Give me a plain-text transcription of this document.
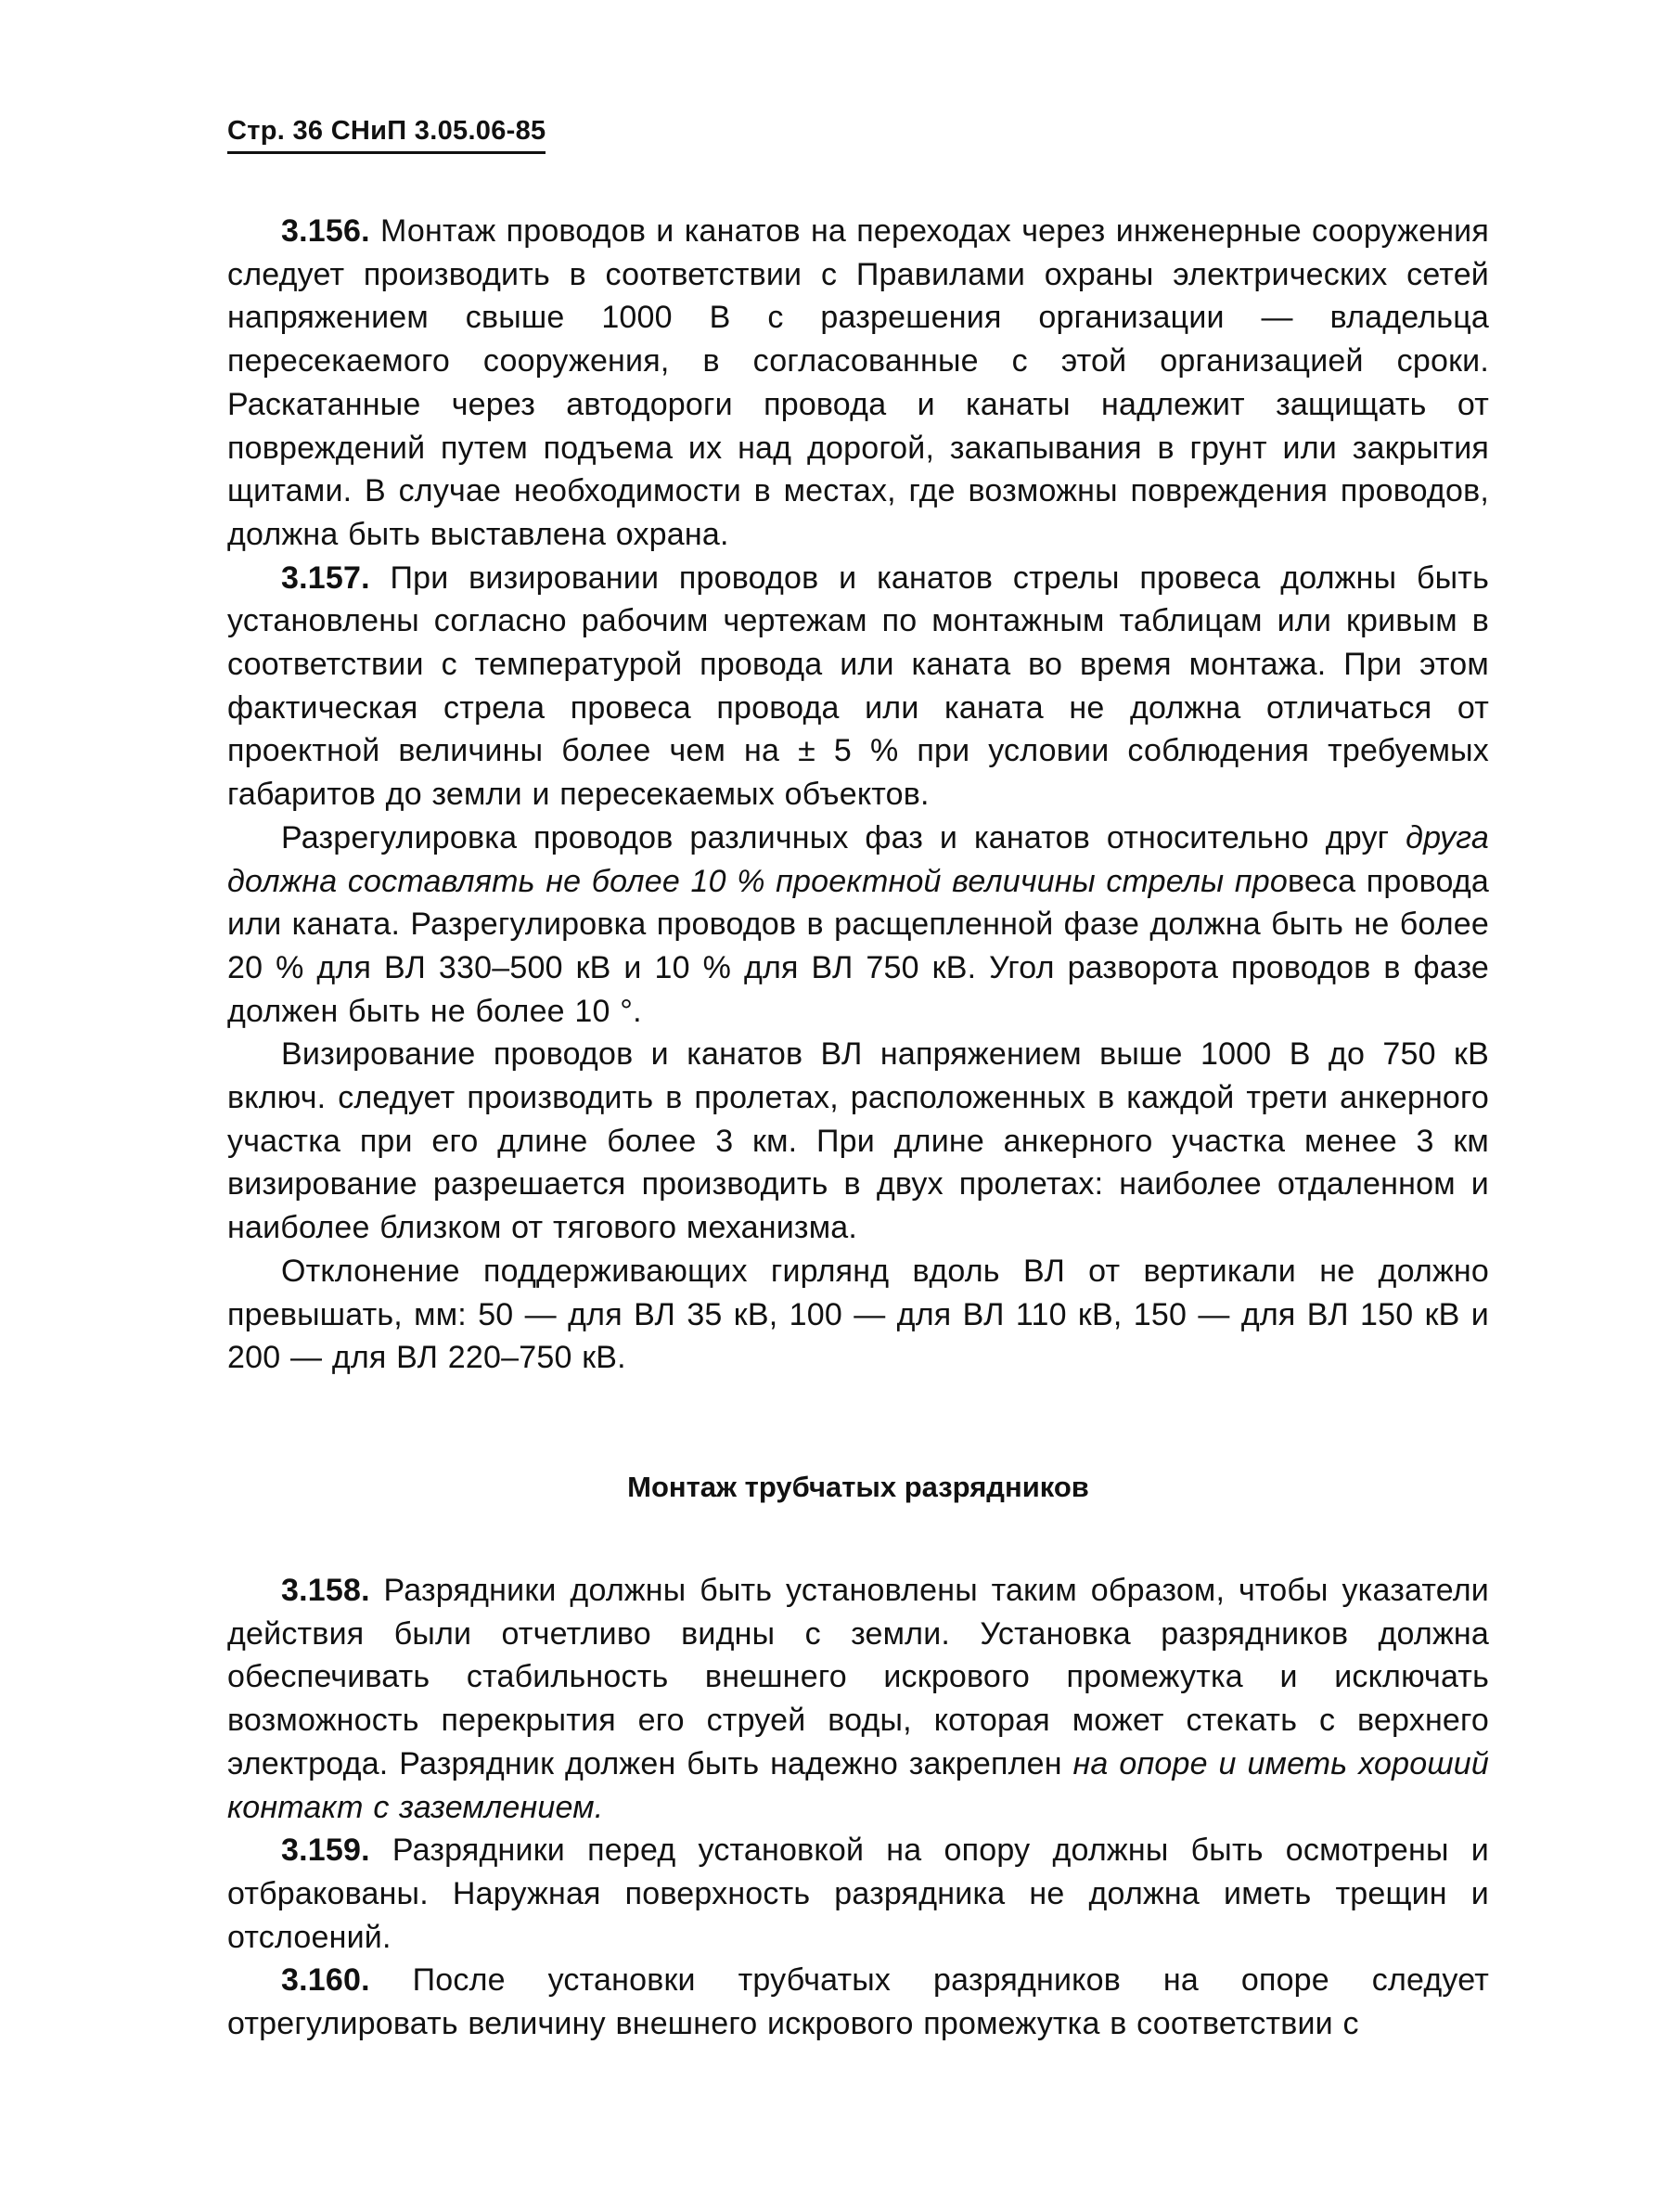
Стр. 36 СНиП 3.05.06-85

3.156. Монтаж проводов и канатов на переходах через инженерные сооружения следует производить в соответствии с Правилами охраны электрических сетей напряжением свыше 1000 В с разрешения организации — владельца пересекаемого сооружения, в согласованные с этой организацией сроки. Раскатанные через автодороги провода и канаты надлежит защищать от повреждений путем подъема их над дорогой, закапывания в грунт или закрытия щитами. В случае необходимости в местах, где возможны повреждения проводов, должна быть выставлена охрана.

3.157. При визировании проводов и канатов стрелы провеса должны быть установлены согласно рабочим чертежам по монтажным таблицам или кривым в соответствии с температурой провода или каната во время монтажа. При этом фактическая стрела провеса провода или каната не должна отличаться от проектной величины более чем на ± 5 % при условии соблюдения требуемых габаритов до земли и пересекаемых объектов.

Разрегулировка проводов различных фаз и канатов относительно друг друга должна составлять не более 10 % проектной величины стрелы провеса провода или каната. Разрегулировка проводов в расщепленной фазе должна быть не более 20 % для ВЛ 330–500 кВ и 10 % для ВЛ 750 кВ. Угол разворота проводов в фазе должен быть не более 10 °.

Визирование проводов и канатов ВЛ напряжением выше 1000 В до 750 кВ включ. следует производить в пролетах, расположенных в каждой трети анкерного участка при его длине более 3 км. При длине анкерного участка менее 3 км визирование разрешается производить в двух пролетах: наиболее отдаленном и наиболее близком от тягового механизма.

Отклонение поддерживающих гирлянд вдоль ВЛ от вертикали не должно превышать, мм: 50 — для ВЛ 35 кВ, 100 — для ВЛ 110 кВ, 150 — для ВЛ 150 кВ и 200 — для ВЛ 220–750 кВ.

Монтаж трубчатых разрядников

3.158. Разрядники должны быть установлены таким образом, чтобы указатели действия были отчетливо видны с земли. Установка разрядников должна обеспечивать стабильность внешнего искрового промежутка и исключать возможность перекрытия его струей воды, которая может стекать с верхнего электрода. Разрядник должен быть надежно закреплен на опоре и иметь хороший контакт с заземлением.

3.159. Разрядники перед установкой на опору должны быть осмотрены и отбракованы. Наружная поверхность разрядника не должна иметь трещин и отслоений.

3.160. После установки трубчатых разрядников на опоре следует отрегулировать величину внешнего искрового промежутка в соответствии с
